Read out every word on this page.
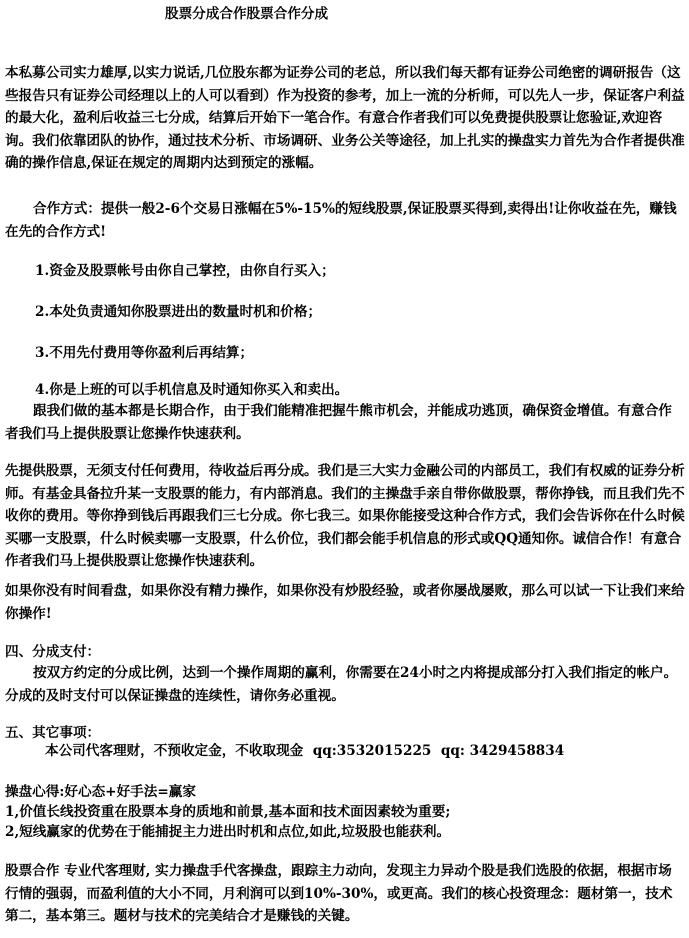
股票分成合作股票合作分成

本私募公司实力雄厚,以实力说话,几位股东都为证券公司的老总，所以我们每天都有证券公司绝密的调研报告（这些报告只有证券公司经理以上的人可以看到）作为投资的参考，加上一流的分析师，可以先人一步，保证客户利益的最大化，盈利后收益三七分成，结算后开始下一笔合作。有意合作者我们可以免费提供股票让您验证,欢迎咨询。我们依靠团队的协作，通过技术分析、市场调研、业务公关等途径，加上扎实的操盘实力首先为合作者提供准确的操作信息,保证在规定的周期内达到预定的涨幅。

合作方式：提供一般2-6个交易日涨幅在5%-15%的短线股票,保证股票买得到,卖得出!让你收益在先，赚钱在先的合作方式!

1.资金及股票帐号由你自己掌控，由你自行买入；

2.本处负责通知你股票进出的数量时机和价格；

3.不用先付费用等你盈利后再结算；

4.你是上班的可以手机信息及时通知你买入和卖出。

跟我们做的基本都是长期合作，由于我们能精准把握牛熊市机会，并能成功逃顶，确保资金增值。有意合作者我们马上提供股票让您操作快速获利。

先提供股票，无须支付任何费用，待收益后再分成。我们是三大实力金融公司的内部员工，我们有权威的证券分析师。有基金具备拉升某一支股票的能力，有内部消息。我们的主操盘手亲自带你做股票，帮你挣钱，而且我们先不收你的费用。等你挣到钱后再跟我们三七分成。你七我三。如果你能接受这种合作方式，我们会告诉你在什么时候买哪一支股票，什么时候卖哪一支股票，什么价位，我们都会能手机信息的形式或QQ通知你。诚信合作！有意合作者我们马上提供股票让您操作快速获利。

如果你没有时间看盘，如果你没有精力操作，如果你没有炒股经验，或者你屡战屡败，那么可以试一下让我们来给你操作!

四、分成支付：

按双方约定的分成比例，达到一个操作周期的赢利，你需要在24小时之内将提成部分打入我们指定的帐户。分成的及时支付可以保证操盘的连续性，请你务必重视。

五、其它事项：

本公司代客理财，不预收定金，不收取现金  qq:3532015225  qq: 3429458834

操盘心得:好心态+好手法=赢家

1,价值长线投资重在股票本身的质地和前景,基本面和技术面因素较为重要;

2,短线赢家的优势在于能捕捉主力进出时机和点位,如此,垃圾股也能获利。

股票合作 专业代客理财, 实力操盘手代客操盘，跟踪主力动向，发现主力异动个股是我们选股的依据，根据市场行情的强弱，而盈利值的大小不同，月利润可以到10%-30%，或更高。我们的核心投资理念：题材第一，技术第二，基本第三。题材与技术的完美结合才是赚钱的关键。
